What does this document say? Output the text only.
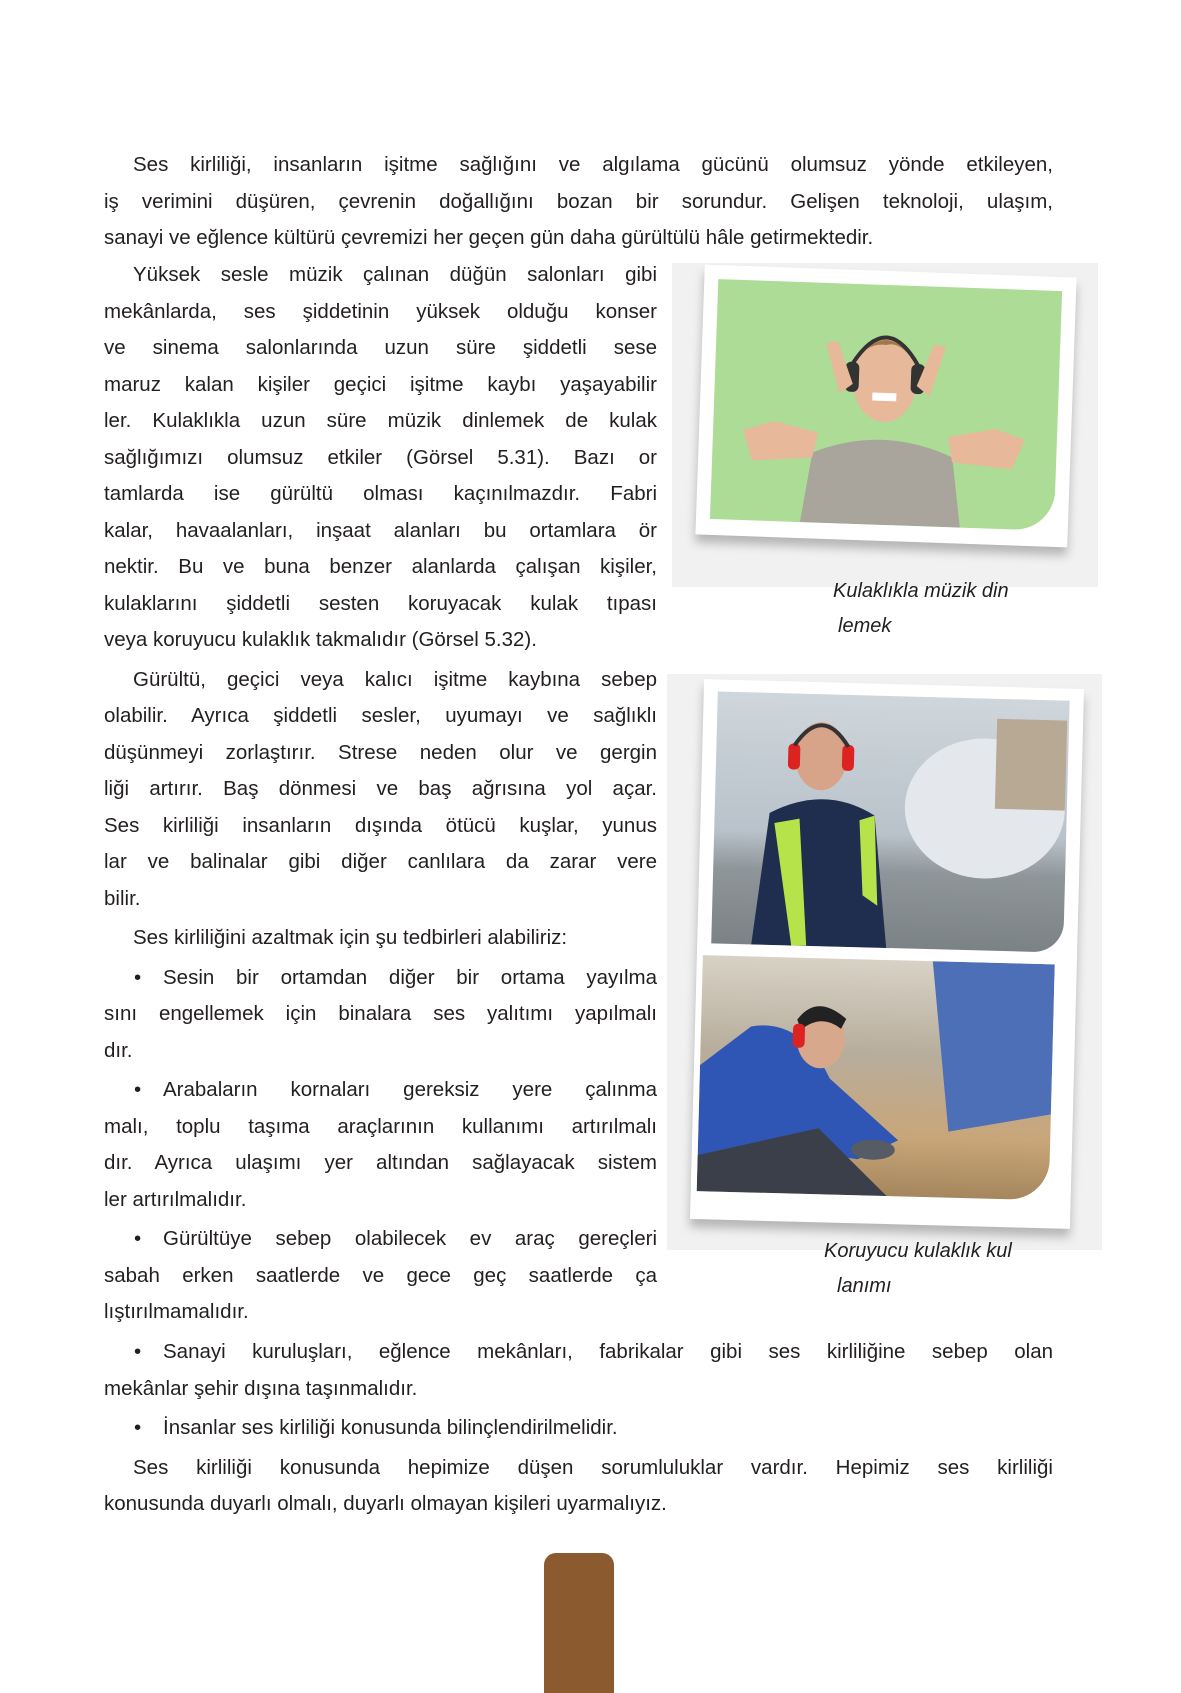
Ses kirliliği, insanların işitme sağlığını ve algılama gücünü olumsuz yönde etkileyen,
iş verimini düşüren, çevrenin doğallığını bozan bir sorundur. Gelişen teknoloji, ulaşım,
sanayi ve eğlence kültürü çevremizi her geçen gün daha gürültülü hâle getirmektedir.
Yüksek sesle müzik çalınan düğün salonları gibi
mekânlarda, ses şiddetinin yüksek olduğu konser
ve sinema salonlarında uzun süre şiddetli sese
maruz kalan kişiler geçici işitme kaybı yaşayabilir
ler. Kulaklıkla uzun süre müzik dinlemek de kulak
sağlığımızı olumsuz etkiler (Görsel 5.31). Bazı or
tamlarda ise gürültü olması kaçınılmazdır. Fabri
kalar, havaalanları, inşaat alanları bu ortamlara ör
nektir. Bu ve buna benzer alanlarda çalışan kişiler,
kulaklarını şiddetli sesten koruyacak kulak tıpası
veya koruyucu kulaklık takmalıdır (Görsel 5.32).
Gürültü, geçici veya kalıcı işitme kaybına sebep
olabilir. Ayrıca şiddetli sesler, uyumayı ve sağlıklı
düşünmeyi zorlaştırır. Strese neden olur ve gergin
liği artırır. Baş dönmesi ve baş ağrısına yol açar.
Ses kirliliği insanların dışında ötücü kuşlar, yunus
lar ve balinalar gibi diğer canlılara da zarar vere
bilir.
Ses kirliliğini azaltmak için şu tedbirleri alabiliriz:
• Sesin bir ortamdan diğer bir ortama yayılma
sını engellemek için binalara ses yalıtımı yapılmalı
dır.
• Arabaların kornaları gereksiz yere çalınma
malı, toplu taşıma araçlarının kullanımı artırılmalı
dır. Ayrıca ulaşımı yer altından sağlayacak sistem
ler artırılmalıdır.
• Gürültüye sebep olabilecek ev araç gereçleri
sabah erken saatlerde ve gece geç saatlerde ça
lıştırılmamalıdır.
• Sanayi kuruluşları, eğlence mekânları, fabrikalar gibi ses kirliliğine sebep olan
mekânlar şehir dışına taşınmalıdır.
• İnsanlar ses kirliliği konusunda bilinçlendirilmelidir.
Ses kirliliği konusunda hepimize düşen sorumluluklar vardır. Hepimiz ses kirliliği
konusunda duyarlı olmalı, duyarlı olmayan kişileri uyarmalıyız.
Kulaklıkla müzik din
lemek
Koruyucu kulaklık kul
lanımı
